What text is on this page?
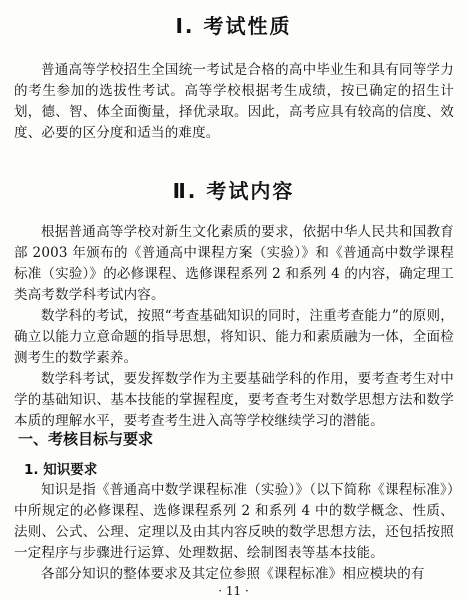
Ⅰ. 考试性质
普通高等学校招生全国统一考试是合格的高中毕业生和具有同等学力的考生参加的选拔性考试。高等学校根据考生成绩，按已确定的招生计划，德、智、体全面衡量，择优录取。因此，高考应具有较高的信度、效度、必要的区分度和适当的难度。
Ⅱ. 考试内容
根据普通高等学校对新生文化素质的要求，依据中华人民共和国教育部 2003 年颁布的《普通高中课程方案（实验）》和《普通高中数学课程标准（实验）》的必修课程、选修课程系列 2 和系列 4 的内容，确定理工类高考数学科考试内容。
数学科的考试，按照“考查基础知识的同时，注重考查能力”的原则，确立以能力立意命题的指导思想，将知识、能力和素质融为一体，全面检测考生的数学素养。
数学科考试，要发挥数学作为主要基础学科的作用，要考查考生对中学的基础知识、基本技能的掌握程度，要考查考生对数学思想方法和数学本质的理解水平，要考查考生进入高等学校继续学习的潜能。
一、考核目标与要求
1. 知识要求
知识是指《普通高中数学课程标准（实验）》（以下简称《课程标准》）中所规定的必修课程、选修课程系列 2 和系列 4 中的数学概念、性质、法则、公式、公理、定理以及由其内容反映的数学思想方法，还包括按照一定程序与步骤进行运算、处理数据、绘制图表等基本技能。
各部分知识的整体要求及其定位参照《课程标准》相应模块的有
· 11 ·
